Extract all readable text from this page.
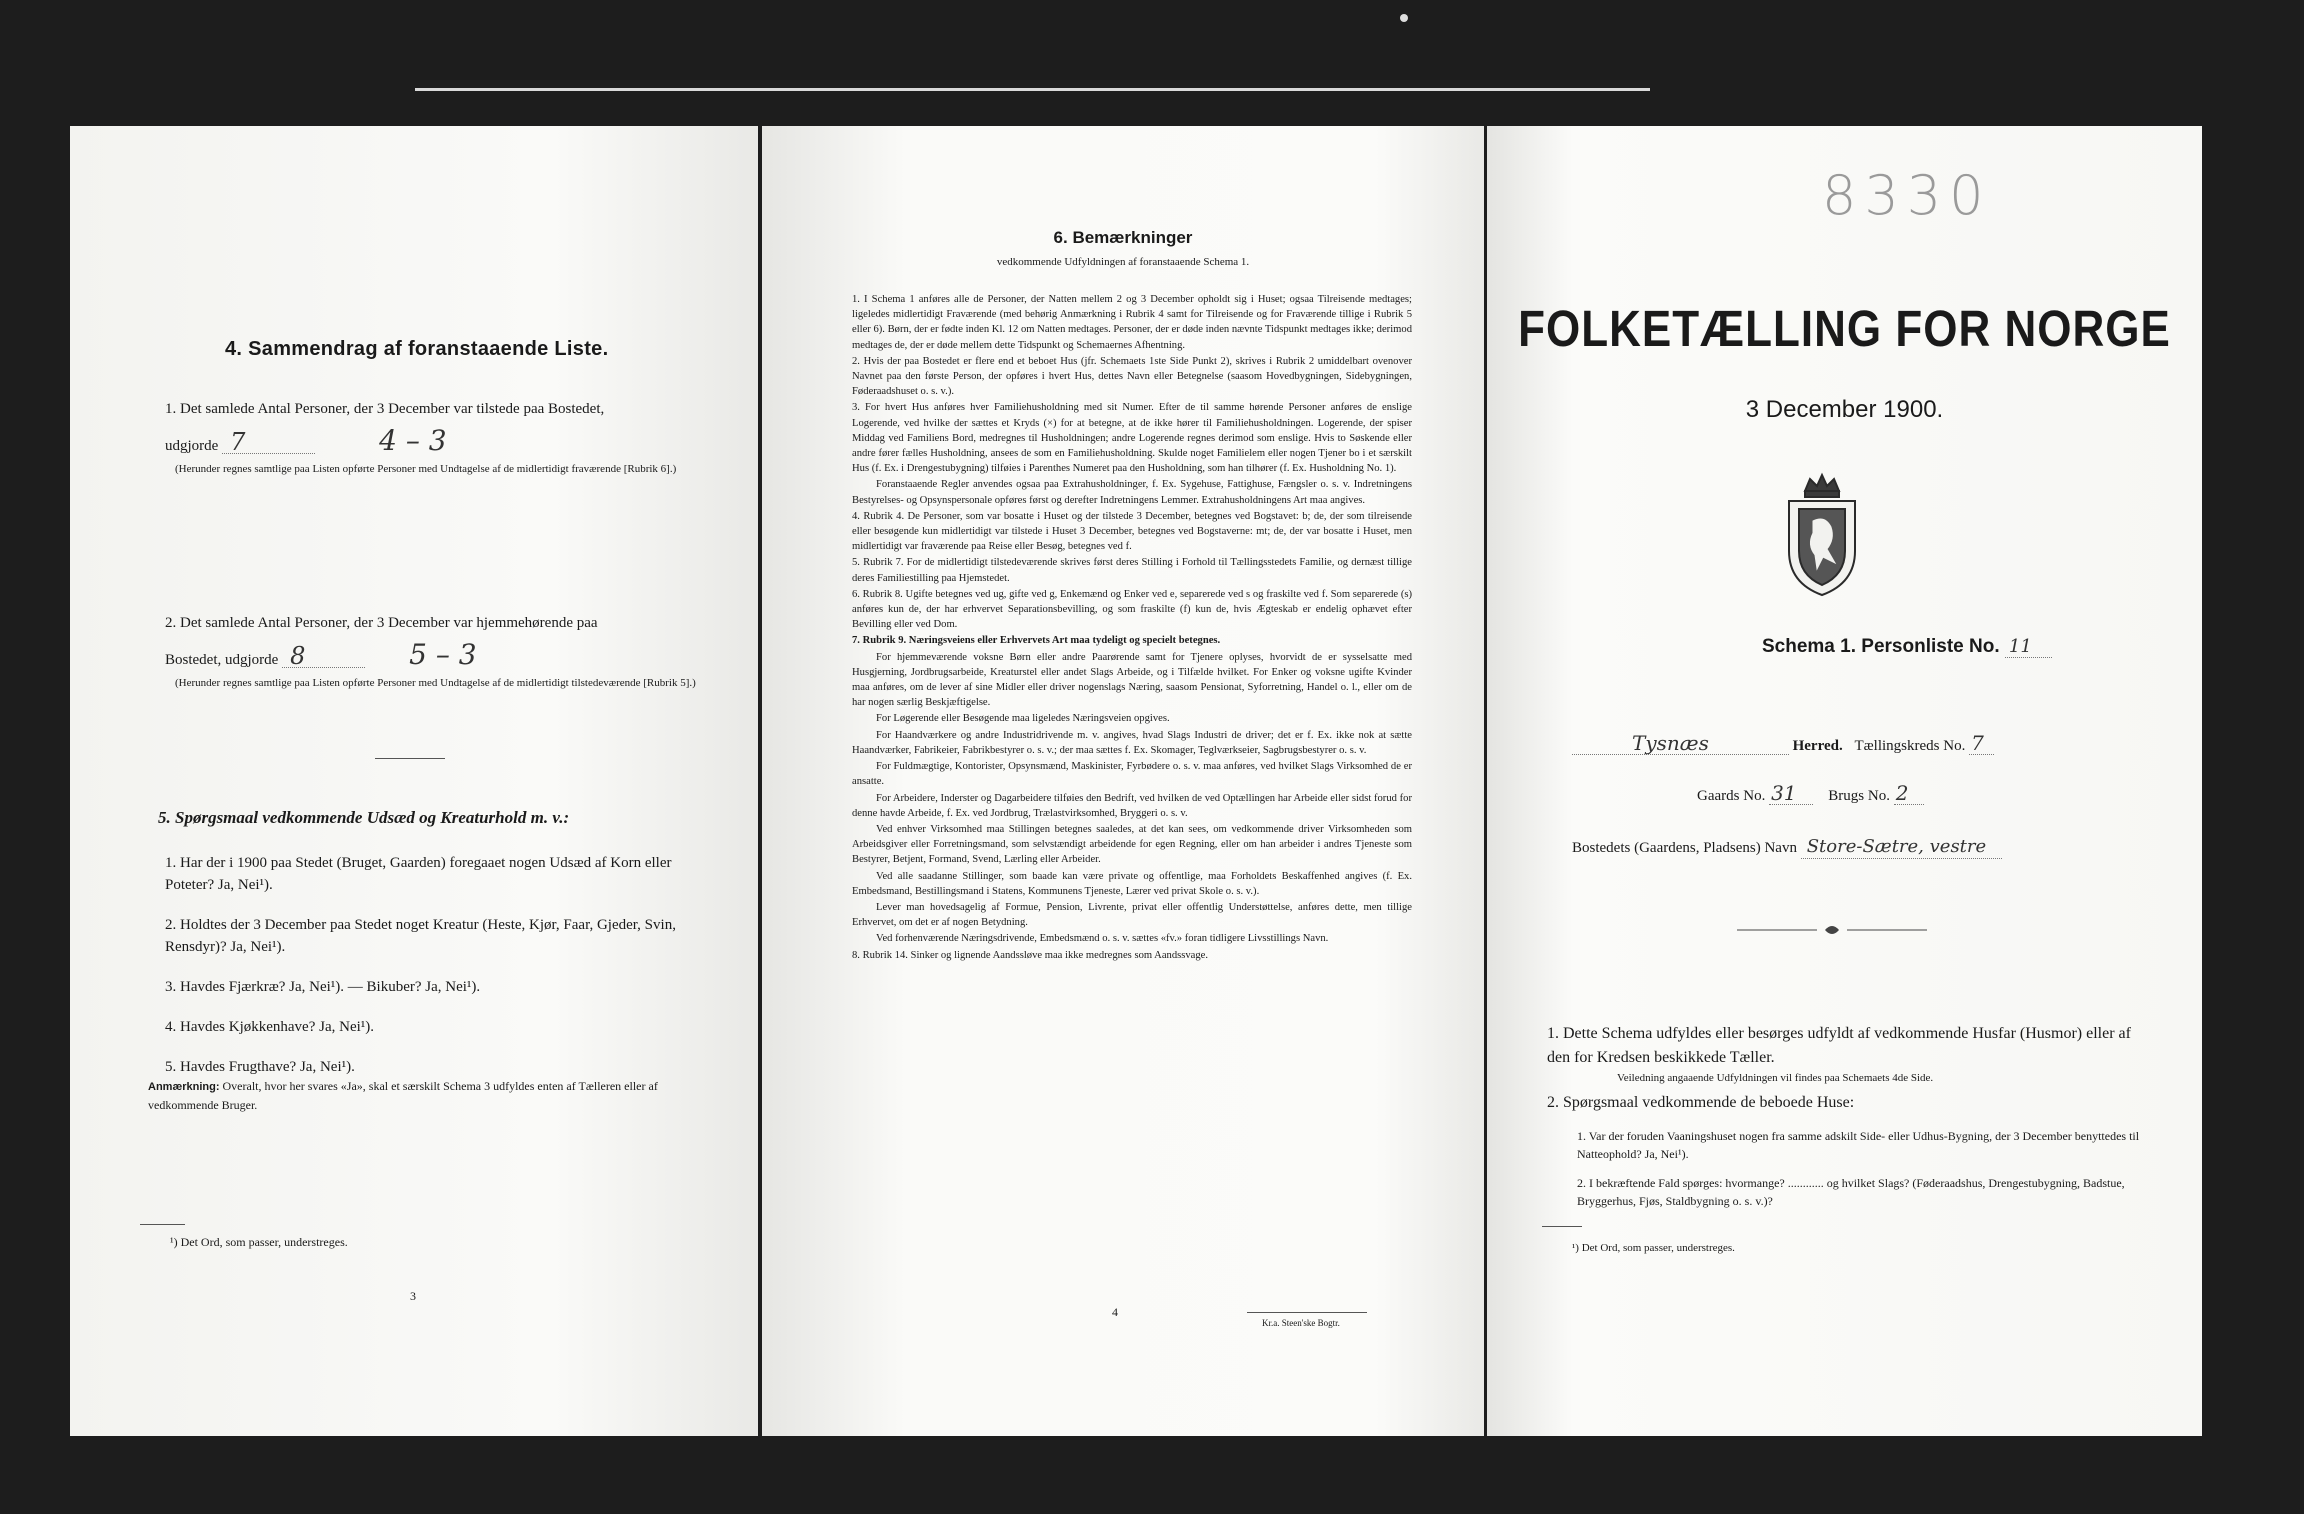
4. Sammendrag af foranstaaende Liste.
1. Det samlede Antal Personer, der 3 December var tilstede paa Bostedet,
udgjorde 7	4 – 3
(Herunder regnes samtlige paa Listen opførte Personer med Undtagelse af de midlertidigt fraværende [Rubrik 6].)
2. Det samlede Antal Personer, der 3 December var hjemmehørende paa
Bostedet, udgjorde 8	5 – 3
(Herunder regnes samtlige paa Listen opførte Personer med Undtagelse af de midlertidigt tilstedeværende [Rubrik 5].)
5. Spørgsmaal vedkommende Udsæd og Kreaturhold m. v.:
1. Har der i 1900 paa Stedet (Bruget, Gaarden) foregaaet nogen Udsæd af Korn eller Poteter? Ja, Nei¹).
2. Holdtes der 3 December paa Stedet noget Kreatur (Heste, Kjør, Faar, Gjeder, Svin, Rensdyr)? Ja, Nei¹).
3. Havdes Fjærkræ? Ja, Nei¹). — Bikuber? Ja, Nei¹).
4. Havdes Kjøkkenhave? Ja, Nei¹).
5. Havdes Frugthave? Ja, Nei¹).
Anmærkning: Overalt, hvor her svares «Ja», skal et særskilt Schema 3 udfyldes enten af Tælleren eller af vedkommende Bruger.
¹) Det Ord, som passer, understreges.
3
6. Bemærkninger
vedkommende Udfyldningen af foranstaaende Schema 1.

1. I Schema 1 anføres alle de Personer, der Natten mellem 2 og 3 December opholdt sig i Huset; ogsaa Tilreisende medtages; ligeledes midlertidigt Fraværende (med behørig Anmærkning i Rubrik 4 samt for Tilreisende og for Fraværende tillige i Rubrik 5 eller 6). Børn, der er fødte inden Kl. 12 om Natten medtages. Personer, der er døde inden nævnte Tidspunkt medtages ikke; derimod medtages de, der er døde mellem dette Tidspunkt og Schemaernes Afhentning.

2. Hvis der paa Bostedet er flere end et beboet Hus (jfr. Schemaets 1ste Side Punkt 2), skrives i Rubrik 2 umiddelbart ovenover Navnet paa den første Person, der opføres i hvert Hus, dettes Navn eller Betegnelse (saasom Hovedbygningen, Sidebygningen, Føderaadshuset o. s. v.).

3. For hvert Hus anføres hver Familiehusholdning med sit Numer. Efter de til samme hørende Personer anføres de enslige Logerende, ved hvilke der sættes et Kryds (×) for at betegne, at de ikke hører til Familiehusholdningen. Logerende, der spiser Middag ved Familiens Bord, medregnes til Husholdningen; andre Logerende regnes derimod som enslige. Hvis to Søskende eller andre fører fælles Husholdning, ansees de som en Familiehusholdning. Skulde noget Familielem eller nogen Tjener bo i et særskilt Hus (f. Ex. i Drengestubygning) tilføies i Parenthes Numeret paa den Husholdning, som han tilhører (f. Ex. Husholdning No. 1).

Foranstaaende Regler anvendes ogsaa paa Extrahusholdninger, f. Ex. Sygehuse, Fattighuse, Fængsler o. s. v. Indretningens Bestyrelses- og Opsynspersonale opføres først og derefter Indretningens Lemmer. Extrahusholdningens Art maa angives.

4. Rubrik 4. De Personer, som var bosatte i Huset og der tilstede 3 December, betegnes ved Bogstavet: b; de, der som tilreisende eller besøgende kun midlertidigt var tilstede i Huset 3 December, betegnes ved Bogstaverne: mt; de, der var bosatte i Huset, men midlertidigt var fraværende paa Reise eller Besøg, betegnes ved f.

5. Rubrik 7. For de midlertidigt tilstedeværende skrives først deres Stilling i Forhold til Tællingsstedets Familie, og dernæst tillige deres Familiestilling paa Hjemstedet.

6. Rubrik 8. Ugifte betegnes ved ug, gifte ved g, Enkemænd og Enker ved e, separerede ved s og fraskilte ved f. Som separerede (s) anføres kun de, der har erhvervet Separationsbevilling, og som fraskilte (f) kun de, hvis Ægteskab er endelig ophævet efter Bevilling eller ved Dom.

7. Rubrik 9. Næringsveiens eller Erhvervets Art maa tydeligt og specielt betegnes.

For hjemmeværende voksne Børn eller andre Paarørende samt for Tjenere oplyses, hvorvidt de er sysselsatte med Husgjerning, Jordbrugsarbeide, Kreaturstel eller andet Slags Arbeide, og i Tilfælde hvilket. For Enker og voksne ugifte Kvinder maa anføres, om de lever af sine Midler eller driver nogenslags Næring, saasom Pensionat, Syforretning, Handel o. l., eller om de har nogen særlig Beskjæftigelse.

For Løgerende eller Besøgende maa ligeledes Næringsveien opgives.

For Haandværkere og andre Industridrivende m. v. angives, hvad Slags Industri de driver; det er f. Ex. ikke nok at sætte Haandværker, Fabrikeier, Fabrikbestyrer o. s. v.; der maa sættes f. Ex. Skomager, Teglværkseier, Sagbrugsbestyrer o. s. v.

For Fuldmægtige, Kontorister, Opsynsmænd, Maskinister, Fyrbødere o. s. v. maa anføres, ved hvilket Slags Virksomhed de er ansatte.

For Arbeidere, Inderster og Dagarbeidere tilføies den Bedrift, ved hvilken de ved Optællingen har Arbeide eller sidst forud for denne havde Arbeide, f. Ex. ved Jordbrug, Trælastvirksomhed, Bryggeri o. s. v.

Ved enhver Virksomhed maa Stillingen betegnes saaledes, at det kan sees, om vedkommende driver Virksomheden som Arbeidsgiver eller Forretningsmand, som selvstændigt arbeidende for egen Regning, eller om han arbeider i andres Tjeneste som Bestyrer, Betjent, Formand, Svend, Lærling eller Arbeider.

Ved alle saadanne Stillinger, som baade kan være private og offentlige, maa Forholdets Beskaffenhed angives (f. Ex. Embedsmand, Bestillingsmand i Statens, Kommunens Tjeneste, Lærer ved privat Skole o. s. v.).

Lever man hovedsagelig af Formue, Pension, Livrente, privat eller offentlig Understøttelse, anføres dette, men tillige Erhvervet, om det er af nogen Betydning.

Ved forhenværende Næringsdrivende, Embedsmænd o. s. v. sættes «fv.» foran tidligere Livsstillings Navn.

8. Rubrik 14. Sinker og lignende Aandssløve maa ikke medregnes som Aandssvage.

4
Kr.a. Steen'ske Bogtr.
8330
FOLKETÆLLING FOR NORGE
3 December 1900.
Schema 1. Personliste No. 11
Tysnæs	Herred. Tællingskreds No. 7
Gaards No. 31 Brugs No. 2
Bostedets (Gaardens, Pladsens) Navn Store-Sætre, vestre
1. Dette Schema udfyldes eller besørges udfyldt af vedkommende Husfar (Husmor) eller af den for Kredsen beskikkede Tæller.
Veiledning angaaende Udfyldningen vil findes paa Schemaets 4de Side.
2. Spørgsmaal vedkommende de beboede Huse:
1. Var der foruden Vaaningshuset nogen fra samme adskilt Side- eller Udhus-Bygning, der 3 December benyttedes til Natteophold? Ja, Nei¹).
2. I bekræftende Fald spørges: hvormange? ............ og hvilket Slags? (Føderaadshus, Drengestubygning, Badstue, Bryggerhus, Fjøs, Staldbygning o. s. v.)?
¹) Det Ord, som passer, understreges.
